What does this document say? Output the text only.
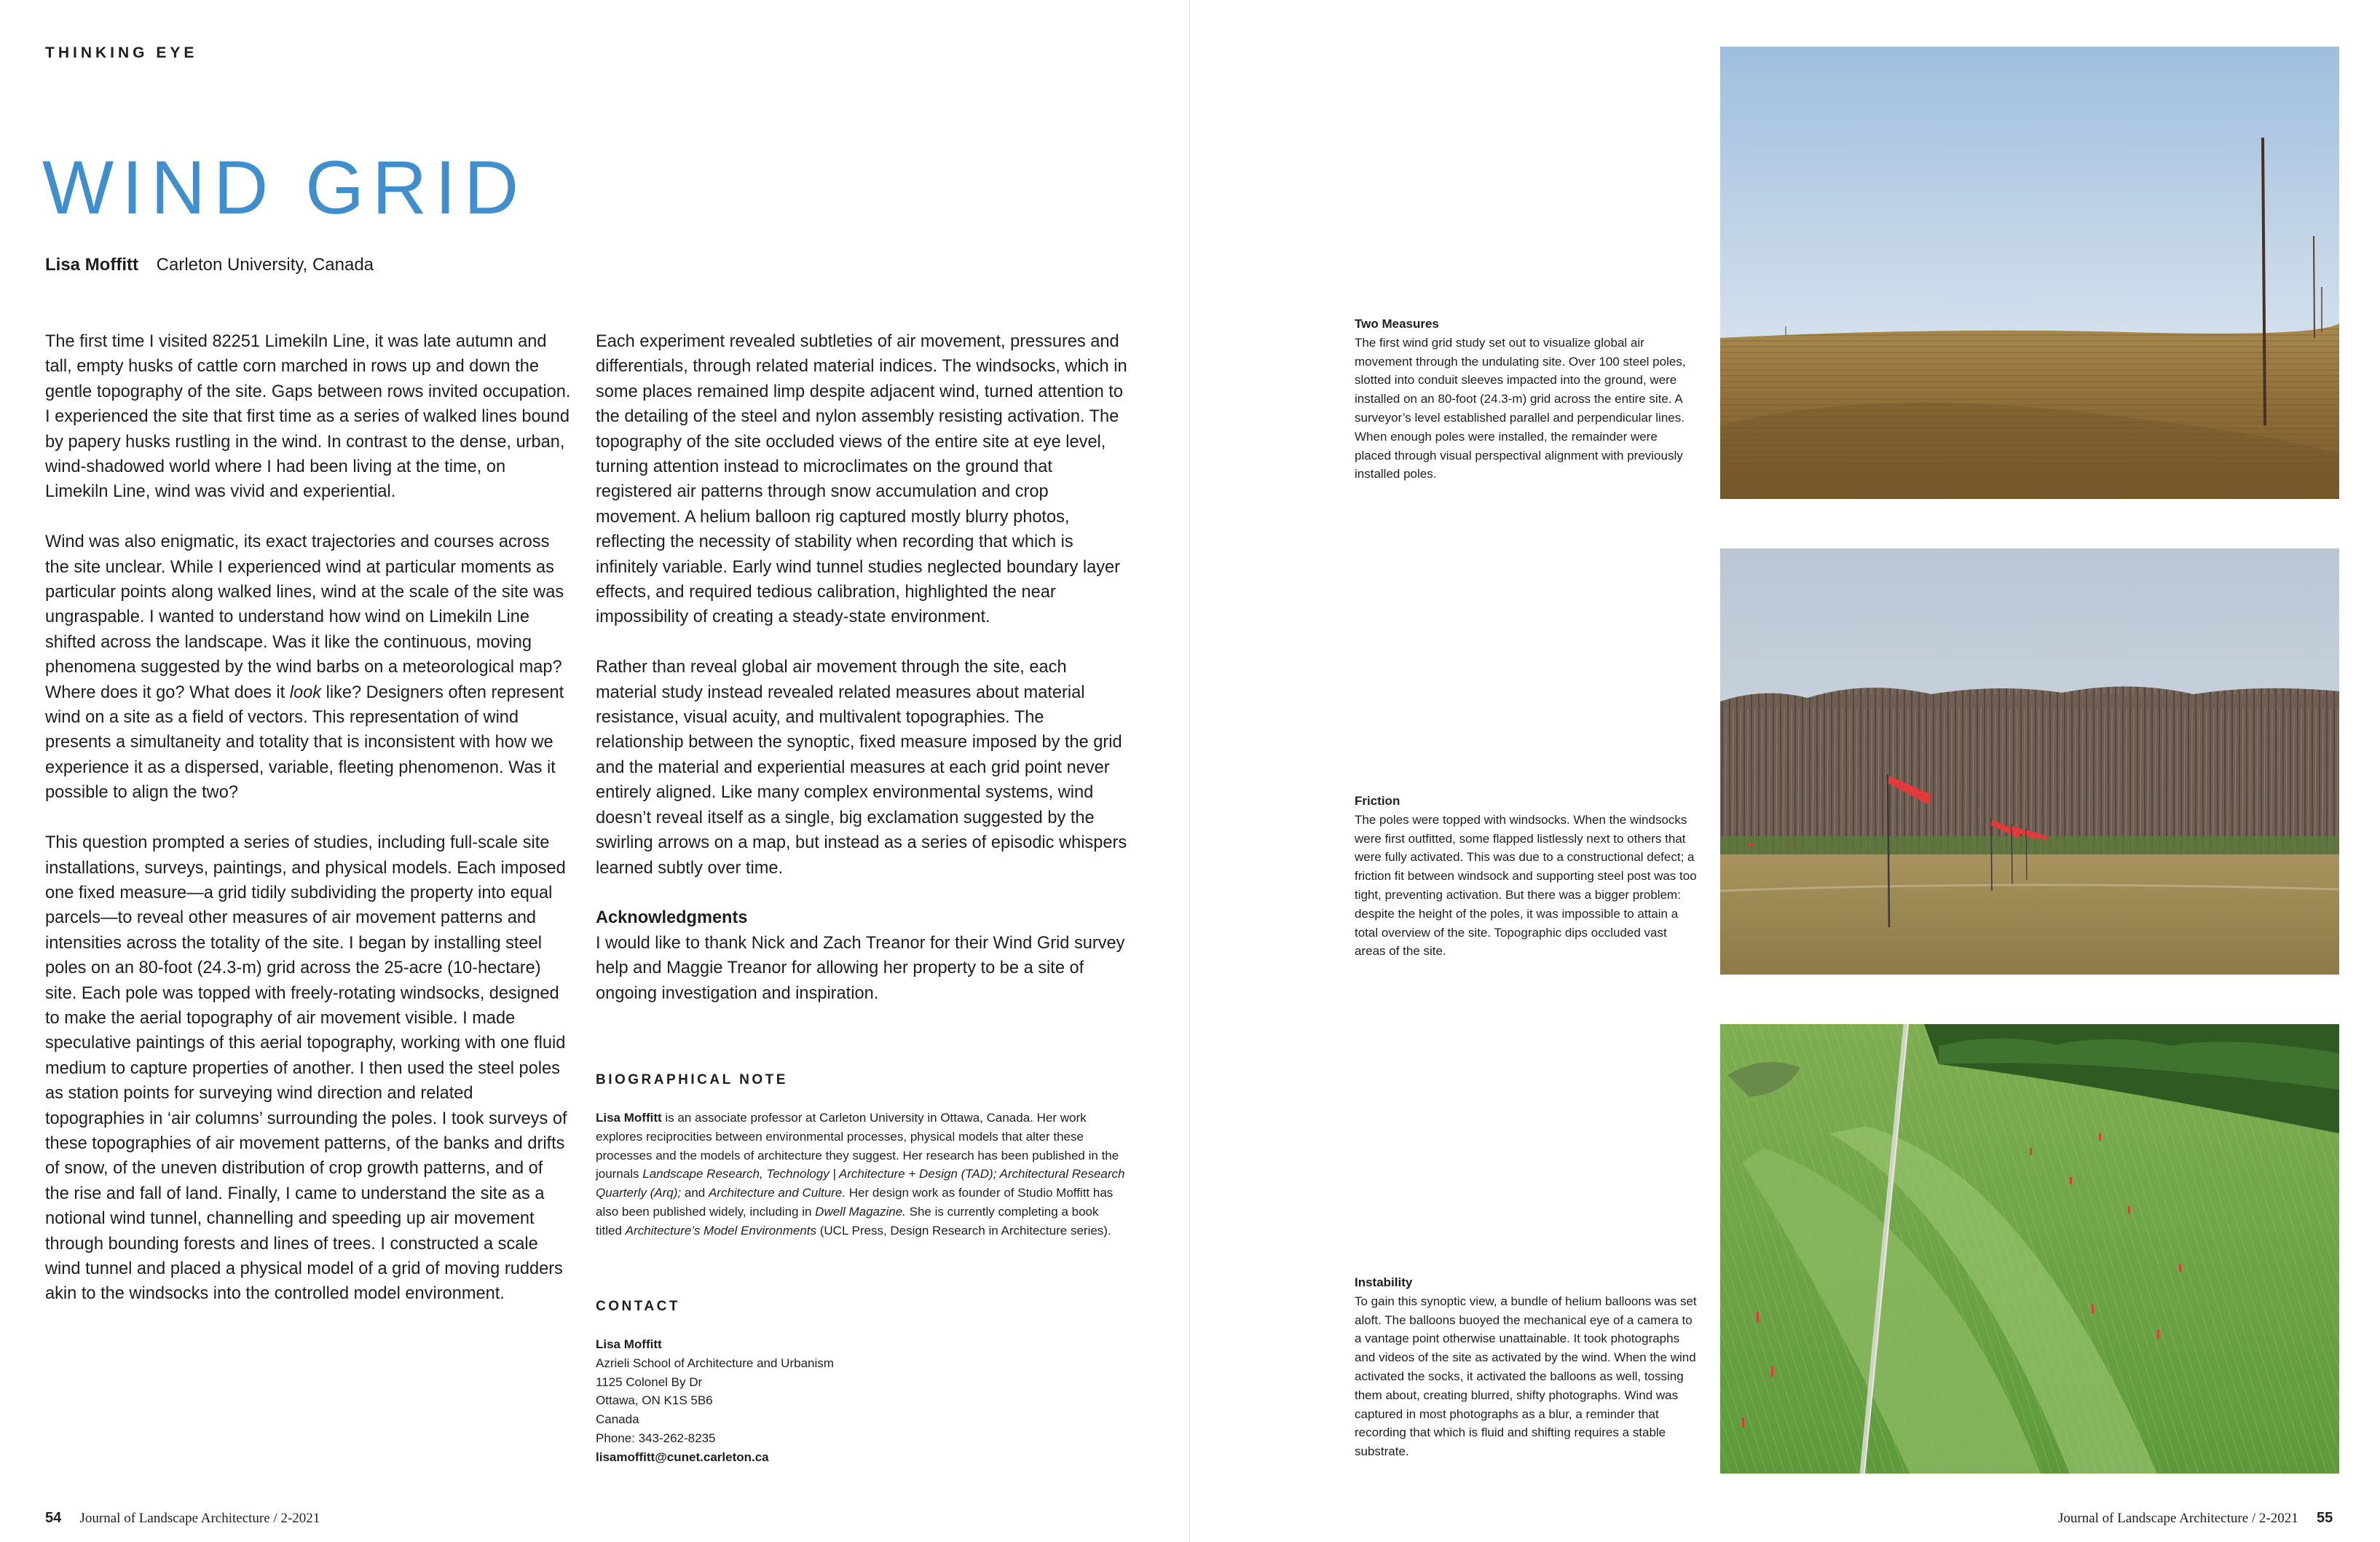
THINKING EYE
WIND GRID
Lisa Moffitt Carleton University, Canada

The first time I visited 82251 Limekiln Line, it was late autumn and tall, empty husks of cattle corn marched in rows up and down the gentle topography of the site. Gaps between rows invited occupation. I experienced the site that first time as a series of walked lines bound by papery husks rustling in the wind. In contrast to the dense, urban, wind-shadowed world where I had been living at the time, on Limekiln Line, wind was vivid and experiential.

Wind was also enigmatic, its exact trajectories and courses across the site unclear. While I experienced wind at particular moments as particular points along walked lines, wind at the scale of the site was ungraspable. I wanted to understand how wind on Limekiln Line shifted across the landscape. Was it like the continuous, moving phenomena suggested by the wind barbs on a meteorological map? Where does it go? What does it look like? Designers often represent wind on a site as a field of vectors. This representation of wind presents a simultaneity and totality that is inconsistent with how we experience it as a dispersed, variable, fleeting phenomenon. Was it possible to align the two?

This question prompted a series of studies, including full-scale site installations, surveys, paintings, and physical models. Each imposed one fixed measure—a grid tidily subdividing the property into equal parcels—to reveal other measures of air movement patterns and intensities across the totality of the site. I began by installing steel poles on an 80-foot (24.3-m) grid across the 25-acre (10-hectare) site. Each pole was topped with freely-rotating windsocks, designed to make the aerial topography of air movement visible. I made speculative paintings of this aerial topography, working with one fluid medium to capture properties of another. I then used the steel poles as station points for surveying wind direction and related topographies in ‘air columns’ surrounding the poles. I took surveys of these topographies of air movement patterns, of the banks and drifts of snow, of the uneven distribution of crop growth patterns, and of the rise and fall of land. Finally, I came to understand the site as a notional wind tunnel, channelling and speeding up air movement through bounding forests and lines of trees. I constructed a scale wind tunnel and placed a physical model of a grid of moving rudders akin to the windsocks into the controlled model environment.

Each experiment revealed subtleties of air movement, pressures and differentials, through related material indices. The windsocks, which in some places remained limp despite adjacent wind, turned attention to the detailing of the steel and nylon assembly resisting activation. The topography of the site occluded views of the entire site at eye level, turning attention instead to microclimates on the ground that registered air patterns through snow accumulation and crop movement. A helium balloon rig captured mostly blurry photos, reflecting the necessity of stability when recording that which is infinitely variable. Early wind tunnel studies neglected boundary layer effects, and required tedious calibration, highlighted the near impossibility of creating a steady-state environment.

Rather than reveal global air movement through the site, each material study instead revealed related measures about material resistance, visual acuity, and multivalent topographies. The relationship between the synoptic, fixed measure imposed by the grid and the material and experiential measures at each grid point never entirely aligned. Like many complex environmental systems, wind doesn’t reveal itself as a single, big exclamation suggested by the swirling arrows on a map, but instead as a series of episodic whispers learned subtly over time.

Acknowledgments

I would like to thank Nick and Zach Treanor for their Wind Grid survey help and Maggie Treanor for allowing her property to be a site of ongoing investigation and inspiration.

BIOGRAPHICAL NOTE
Lisa Moffitt is an associate professor at Carleton University in Ottawa, Canada. Her work explores reciprocities between environmental processes, physical models that alter these processes and the models of architecture they suggest. Her research has been published in the journals Landscape Research, Technology | Architecture + Design (TAD); Architectural Research Quarterly (Arq); and Architecture and Culture. Her design work as founder of Studio Moffitt has also been published widely, including in Dwell Magazine. She is currently completing a book titled Architecture’s Model Environments (UCL Press, Design Research in Architecture series).
CONTACT
Lisa Moffitt
Azrieli School of Architecture and Urbanism
1125 Colonel By Dr
Ottawa, ON K1S 5B6
Canada
Phone: 343-262-8235
lisamoffitt@cunet.carleton.ca
54 Journal of Landscape Architecture / 2-2021
Two Measures
The first wind grid study set out to visualize global air movement through the undulating site. Over 100 steel poles, slotted into conduit sleeves impacted into the ground, were installed on an 80-foot (24.3-m) grid across the entire site. A surveyor’s level established parallel and perpendicular lines. When enough poles were installed, the remainder were placed through visual perspectival alignment with previously installed poles.
Friction
The poles were topped with windsocks. When the windsocks were first outfitted, some flapped listlessly next to others that were fully activated. This was due to a constructional defect; a friction fit between windsock and supporting steel post was too tight, preventing activation. But there was a bigger problem: despite the height of the poles, it was impossible to attain a total overview of the site. Topographic dips occluded vast areas of the site.
Instability
To gain this synoptic view, a bundle of helium balloons was set aloft. The balloons buoyed the mechanical eye of a camera to a vantage point otherwise unattainable. It took photographs and videos of the site as activated by the wind. When the wind activated the socks, it activated the balloons as well, tossing them about, creating blurred, shifty photographs. Wind was captured in most photographs as a blur, a reminder that recording that which is fluid and shifting requires a stable substrate.
Journal of Landscape Architecture / 2-2021 55
